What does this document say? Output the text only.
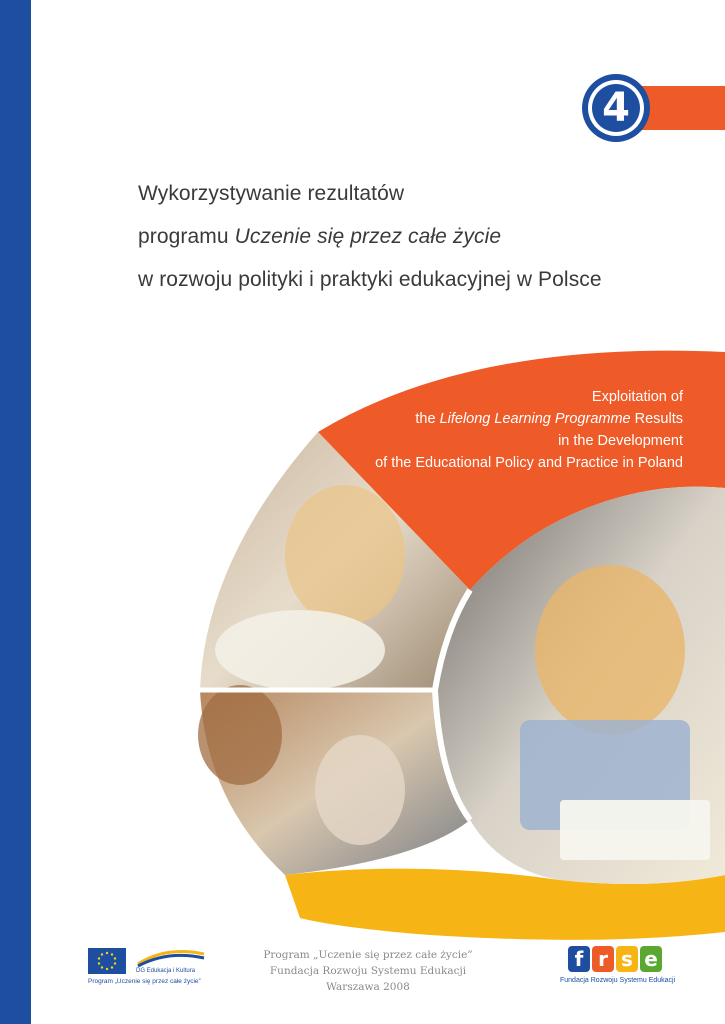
4
Wykorzystywanie rezultatów
programu Uczenie się przez całe życie
w rozwoju polityki i praktyki edukacyjnej w Polsce
Exploitation of
the Lifelong Learning Programme Results
in the Development
of the Educational Policy and Practice in Poland
DG Edukacja i Kultura
Program „Uczenie się przez całe życie”
Program „Uczenie się przez całe życie”
Fundacja Rozwoju Systemu Edukacji
Warszawa 2008
f r s e
Fundacja Rozwoju Systemu Edukacji
